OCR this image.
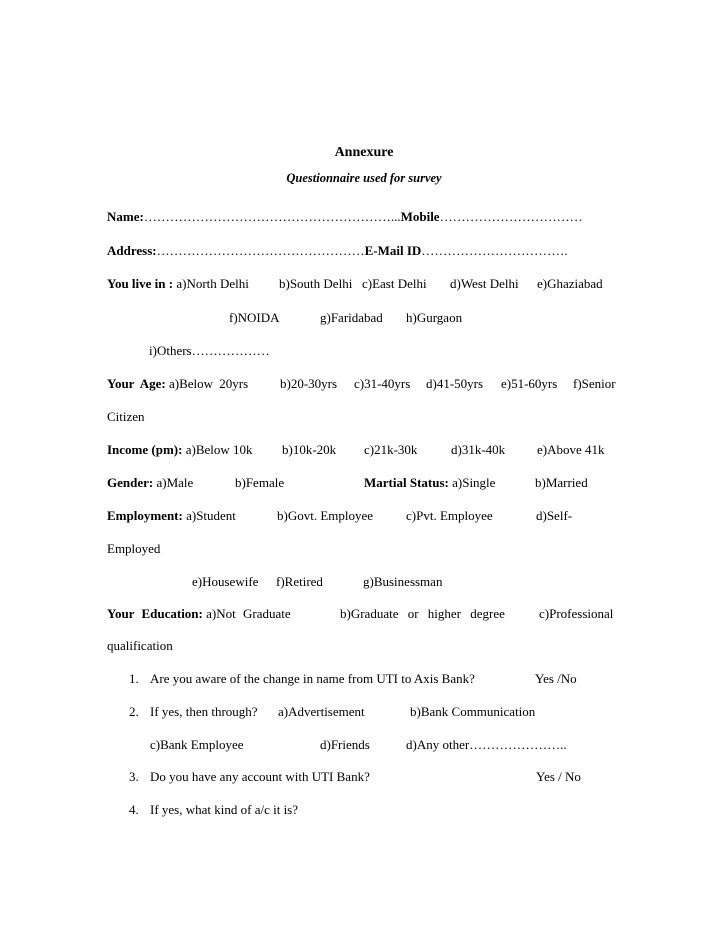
Annexure
Questionnaire used for survey
Name:…………………………………………………...Mobile……………………………
Address:…………………………………………E-Mail ID…………………………….
You live in : a)North Delhi b)South Delhi c)East Delhi d)West Delhi e)Ghaziabad
f)NOIDA	g)Faridabad h)Gurgaon
i)Others………………
Your Age: a)Below 20yrs b)20-30yrs c)31-40yrs d)41-50yrs e)51-60yrs f)Senior
Citizen
Income (pm): a)Below 10k b)10k-20k c)21k-30k	d)31k-40k e)Above 41k
Gender: a)Male	b)Female	Martial Status: a)Single	b)Married
Employment: a)Student	b)Govt. Employee	c)Pvt. Employee	d)Self-
Employed
e)Housewife f)Retired	g)Businessman
Your Education: a)Not Graduate	b)Graduate or higher degree	c)Professional
qualification
1. Are you aware of the change in name from UTI to Axis Bank?	Yes /No
2. If yes, then through? a)Advertisement	b)Bank Communication
c)Bank Employee	d)Friends	d)Any other…………………..
3. Do you have any account with UTI Bank?	Yes / No
4. If yes, what kind of a/c it is?
